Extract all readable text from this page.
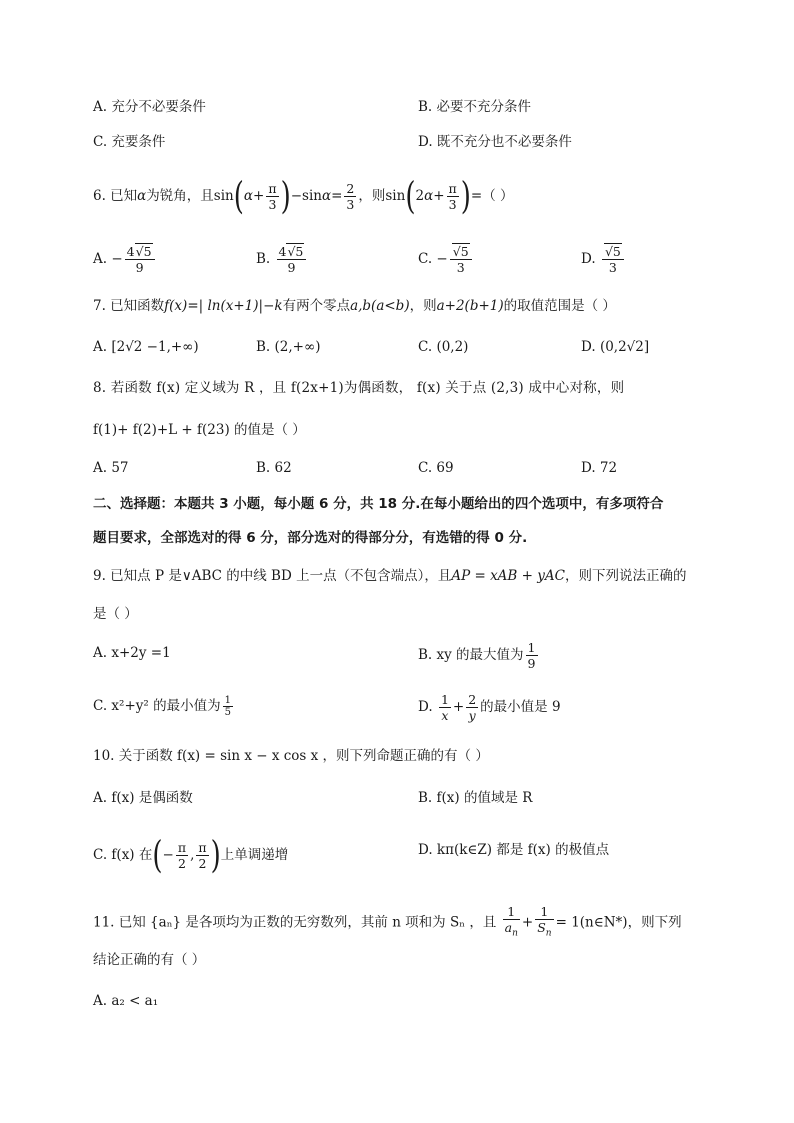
A. 充分不必要条件	B. 必要不充分条件
C. 充要条件	D. 既不充分也不必要条件
6. 已知α为锐角，且$\sin(\alpha+ \frac{\pi}{3} )-\sin\alpha= \frac{2}{3}$ ，则$\sin(2\alpha+ \frac{\pi}{3}$ )=（ ）
A. − $\frac{4√5}{9}$	B. $\frac{4√5}{9}$	C. − $\frac{√5}{3}$	D. $\frac{√5}{3}$
7. 已知函数f(x)=| ln(x+1)|−k有两个零点a,b(a<b)，则a+2(b+1)的取值范围是（ ）
A. [2√2 −1,+∞)	B. (2,+∞)	C. (0,2)	D. (0,2√2]
8. 若函数 f(x) 定义域为 R ，且 f(2x+1)为偶函数， f(x) 关于点 (2,3) 成中心对称，则
f(1)+ f(2)+L + f(23) 的值是（ ）
A. 57	B. 62	C. 69	D. 72
二、选择题：本题共 3 小题，每小题 6 分，共 18 分.在每小题给出的四个选项中，有多项符合
题目要求，全部选对的得 6 分，部分选对的得部分分，有选错的得 0 分.
9. 已知点 P 是∨ABC 的中线 BD 上一点（不包含端点），且AP = xAB + yAC，则下列说法正确的
是（ ）
A. x+2y =1	B. xy 的最大值为 $\frac{1}{9}$
C. x²+y² 的最小值为 $\frac{1}{5}$	D. $\frac{1}{x} + \frac{2}{y}$ 的最小值是 9
10. 关于函数 f(x) = sin x − x cos x ，则下列命题正确的有（ ）
A. f(x) 是偶函数	B. f(x) 的值域是 R
C. f(x) 在(− $\frac{\pi}{2}$ , $\frac{\pi}{2}$ )上单调递增	D. kπ(k∈Z) 都是 f(x) 的极值点
11. 已知 {aₙ} 是各项均为正数的无穷数列，其前 n 项和为 Sₙ ，且 $\frac{1}{a_n} + \frac{1}{S_n}$ = 1(n∈N*)，则下列
结论正确的有（ ）
A. a₂ < a₁
